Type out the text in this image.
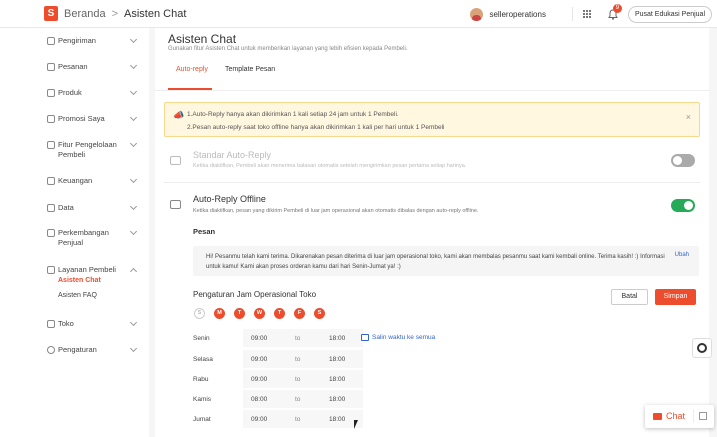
S Beranda > Asisten Chat	selleroperations
9
Pusat Edukasi Penjual
Pengiriman
Pesanan
Produk
Promosi Saya
Fitur Pengelolaan Pembeli
Keuangan
Data
Perkembangan Penjual
Layanan Pembeli
Asisten Chat
Asisten FAQ
Toko
Pengaturan
Asisten Chat
Gunakan fitur Asisten Chat untuk memberikan layanan yang lebih efisien kepada Pembeli.
Auto-reply Template Pesan
📣 1.Auto-Reply hanya akan dikirimkan 1 kali setiap 24 jam untuk 1 Pembeli.
2.Pesan auto-reply saat toko offline hanya akan dikirimkan 1 kali per hari untuk 1 Pembeli
×
Standar Auto-Reply
Ketika diaktifkan, Pembeli akan menerima balasan otomatis setelah mengirimkan pesan pertama setiap harinya.
Auto-Reply Offline
Ketika diaktifkan, pesan yang dikirim Pembeli di luar jam operasional akan otomatis dibalas dengan auto-reply offline.
Pesan
Hi! Pesanmu telah kami terima. Dikarenakan pesan diterima di luar jam operasional toko, kami akan membalas pesanmu saat kami kembali online. Terima kasih! :) Informasi untuk kamu! Kami akan proses orderan kamu dari hari Senin-Jumat ya! :)
Ubah
Pengaturan Jam Operasional Toko	Batal	Simpan
S	M	T	W	T	F	S
Senin	09:00	to	18:00
Selasa	09:00	to	18:00
Rabu	09:00	to	18:00
Kamis	08:00	to	18:00
Jumat	09:00	to	18:00
Salin waktu ke semua
Chat
